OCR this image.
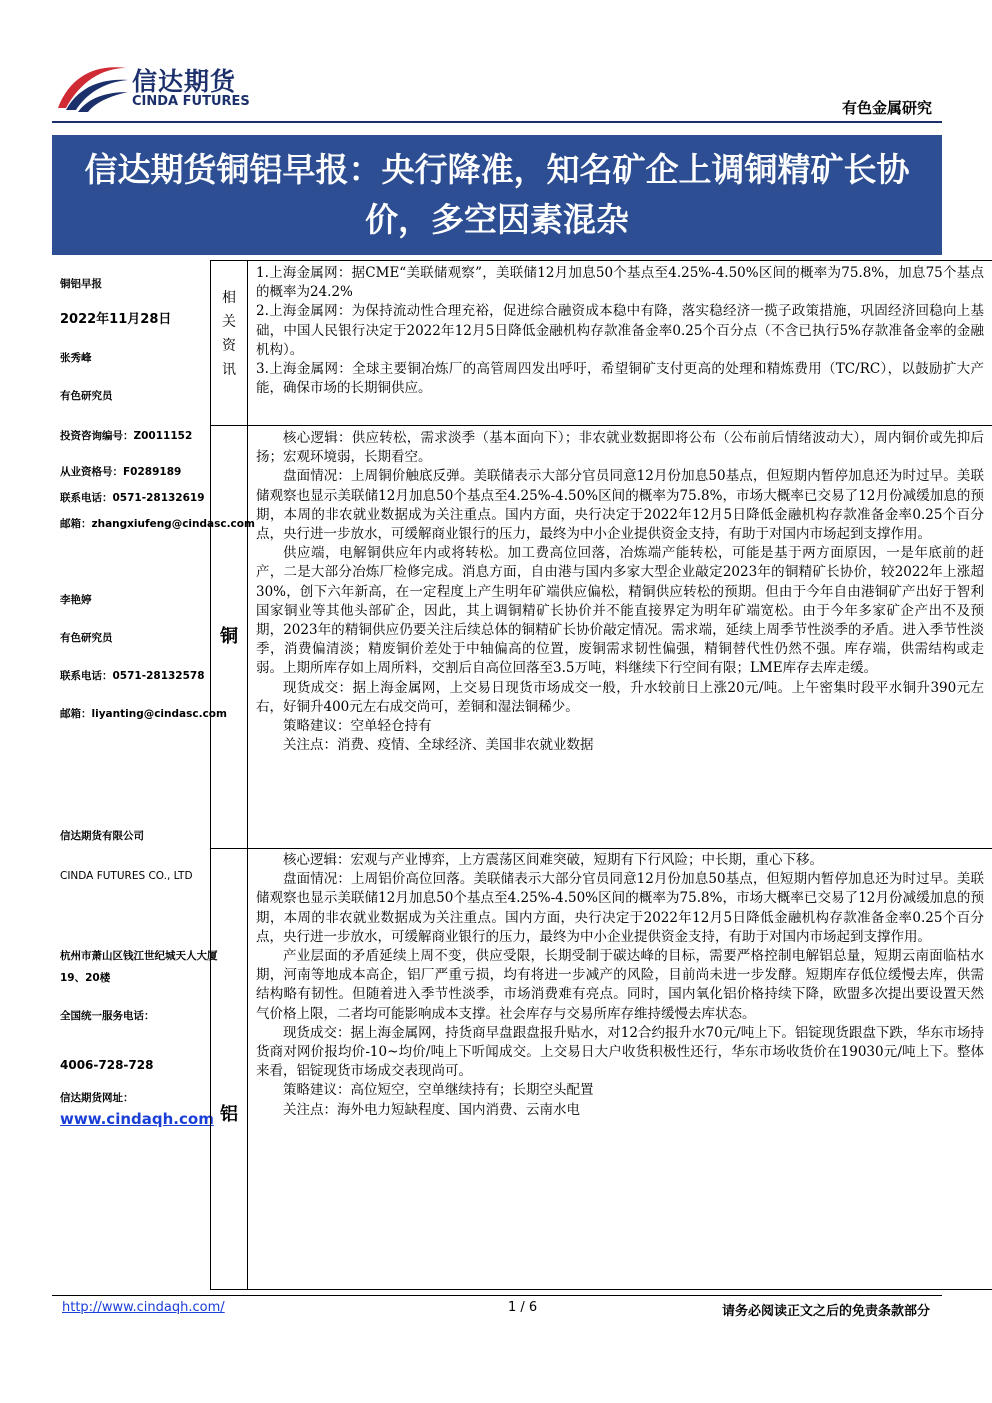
信达期货
CINDA FUTURES	有色金属研究
信达期货铜铝早报：央行降准，知名矿企上调铜精矿长协价，多空因素混杂
铜铝早报
2022年11月28日
张秀峰
有色研究员
投资咨询编号：Z0011152
从业资格号：F0289189
联系电话：0571-28132619
邮箱：zhangxiufeng@cindasc.com
李艳婷
有色研究员
联系电话：0571-28132578
邮箱：liyanting@cindasc.com
信达期货有限公司
CINDA FUTURES CO., LTD
杭州市萧山区钱江世纪城天人大厦
19、20楼
全国统一服务电话：
4006-728-728
信达期货网址：
www.cindaqh.com
相
关
资
讯
铜
铝

1.上海金属网：据CME“美联储观察”，美联储12月加息50个基点至4.25%-4.50%区间的概率为75.8%，加息75个基点的概率为24.2%

2.上海金属网：为保持流动性合理充裕，促进综合融资成本稳中有降，落实稳经济一揽子政策措施，巩固经济回稳向上基础，中国人民银行决定于2022年12月5日降低金融机构存款准备金率0.25个百分点（不含已执行5%存款准备金率的金融机构）。

3.上海金属网：全球主要铜冶炼厂的高管周四发出呼吁，希望铜矿支付更高的处理和精炼费用（TC/RC），以鼓励扩大产能，确保市场的长期铜供应。

核心逻辑：供应转松，需求淡季（基本面向下）；非农就业数据即将公布（公布前后情绪波动大），周内铜价或先抑后扬；宏观环境弱，长期看空。

盘面情况：上周铜价触底反弹。美联储表示大部分官员同意12月份加息50基点，但短期内暂停加息还为时过早。美联储观察也显示美联储12月加息50个基点至4.25%-4.50%区间的概率为75.8%，市场大概率已交易了12月份减缓加息的预期，本周的非农就业数据成为关注重点。国内方面，央行决定于2022年12月5日降低金融机构存款准备金率0.25个百分点，央行进一步放水，可缓解商业银行的压力，最终为中小企业提供资金支持，有助于对国内市场起到支撑作用。

供应端，电解铜供应年内或将转松。加工费高位回落，冶炼端产能转松，可能是基于两方面原因，一是年底前的赶产，二是大部分冶炼厂检修完成。消息方面，自由港与国内多家大型企业敲定2023年的铜精矿长协价，较2022年上涨超30%，创下六年新高，在一定程度上产生明年矿端供应偏松，精铜供应转松的预期。但由于今年自由港铜矿产出好于智利国家铜业等其他头部矿企，因此，其上调铜精矿长协价并不能直接界定为明年矿端宽松。由于今年多家矿企产出不及预期，2023年的精铜供应仍要关注后续总体的铜精矿长协价敲定情况。需求端，延续上周季节性淡季的矛盾。进入季节性淡季，消费偏清淡；精废铜价差处于中轴偏高的位置，废铜需求韧性偏强，精铜替代性仍然不强。库存端，供需结构或走弱。上期所库存如上周所料，交割后自高位回落至3.5万吨，料继续下行空间有限；LME库存去库走缓。

现货成交：据上海金属网，上交易日现货市场成交一般，升水较前日上涨20元/吨。上午密集时段平水铜升390元左右，好铜升400元左右成交尚可，差铜和湿法铜稀少。

策略建议：空单轻仓持有

关注点：消费、疫情、全球经济、美国非农就业数据

核心逻辑：宏观与产业博弈，上方震荡区间难突破，短期有下行风险；中长期，重心下移。

盘面情况：上周铝价高位回落。美联储表示大部分官员同意12月份加息50基点，但短期内暂停加息还为时过早。美联储观察也显示美联储12月加息50个基点至4.25%-4.50%区间的概率为75.8%，市场大概率已交易了12月份减缓加息的预期，本周的非农就业数据成为关注重点。国内方面，央行决定于2022年12月5日降低金融机构存款准备金率0.25个百分点，央行进一步放水，可缓解商业银行的压力，最终为中小企业提供资金支持，有助于对国内市场起到支撑作用。

产业层面的矛盾延续上周不变，供应受限，长期受制于碳达峰的目标，需要严格控制电解铝总量，短期云南面临枯水期，河南等地成本高企，铝厂严重亏损，均有将进一步减产的风险，目前尚未进一步发酵。短期库存低位缓慢去库，供需结构略有韧性。但随着进入季节性淡季，市场消费难有亮点。同时，国内氧化铝价格持续下降，欧盟多次提出要设置天然气价格上限，二者均可能影响成本支撑。社会库存与交易所库存维持缓慢去库状态。

现货成交：据上海金属网，持货商早盘跟盘报升贴水，对12合约报升水70元/吨上下。铝锭现货跟盘下跌，华东市场持货商对网价报均价-10~均价/吨上下听闻成交。上交易日大户收货积极性还行，华东市场收货价在19030元/吨上下。整体来看，铝锭现货市场成交表现尚可。

策略建议：高位短空，空单继续持有；长期空头配置

关注点：海外电力短缺程度、国内消费、云南水电

http://www.cindaqh.com/	1 / 6	请务必阅读正文之后的免责条款部分
